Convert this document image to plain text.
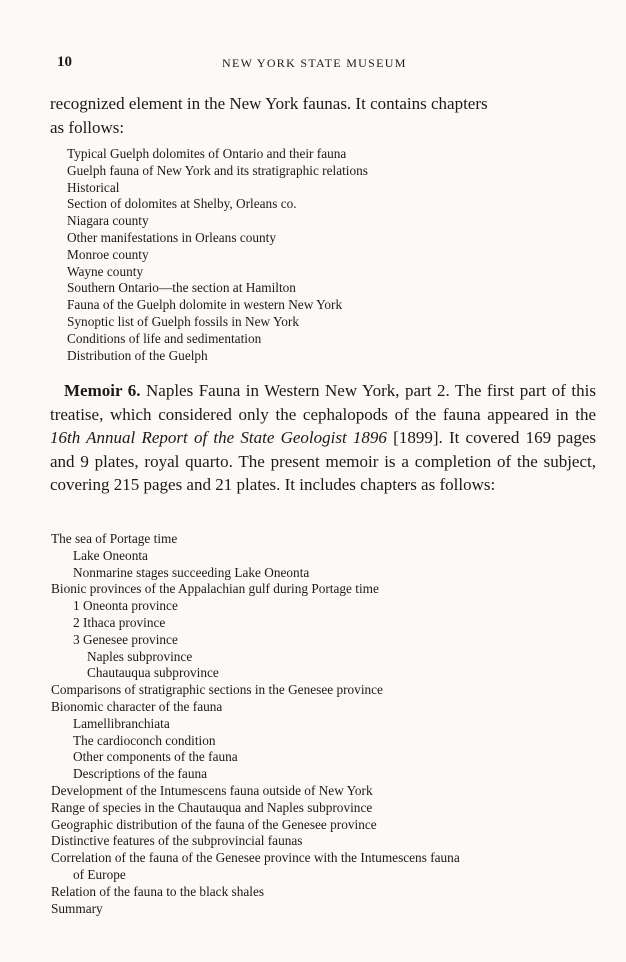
10	NEW YORK STATE MUSEUM
recognized element in the New York faunas. It contains chapters
as follows:
Typical Guelph dolomites of Ontario and their fauna
Guelph fauna of New York and its stratigraphic relations
Historical
Section of dolomites at Shelby, Orleans co.
Niagara county
Other manifestations in Orleans county
Monroe county
Wayne county
Southern Ontario—the section at Hamilton
Fauna of the Guelph dolomite in western New York
Synoptic list of Guelph fossils in New York
Conditions of life and sedimentation
Distribution of the Guelph
Memoir 6. Naples Fauna in Western New York, part 2. The first part of this treatise, which considered only the cephalopods of the fauna appeared in the 16th Annual Report of the State Geologist 1896 [1899]. It covered 169 pages and 9 plates, royal quarto. The present memoir is a completion of the subject, covering 215 pages and 21 plates. It includes chapters as follows:
The sea of Portage time
Lake Oneonta
Nonmarine stages succeeding Lake Oneonta
Bionic provinces of the Appalachian gulf during Portage time
1 Oneonta province
2 Ithaca province
3 Genesee province
Naples subprovince
Chautauqua subprovince
Comparisons of stratigraphic sections in the Genesee province
Bionomic character of the fauna
Lamellibranchiata
The cardioconch condition
Other components of the fauna
Descriptions of the fauna
Development of the Intumescens fauna outside of New York
Range of species in the Chautauqua and Naples subprovince
Geographic distribution of the fauna of the Genesee province
Distinctive features of the subprovincial faunas
Correlation of the fauna of the Genesee province with the Intumescens fauna
of Europe
Relation of the fauna to the black shales
Summary
